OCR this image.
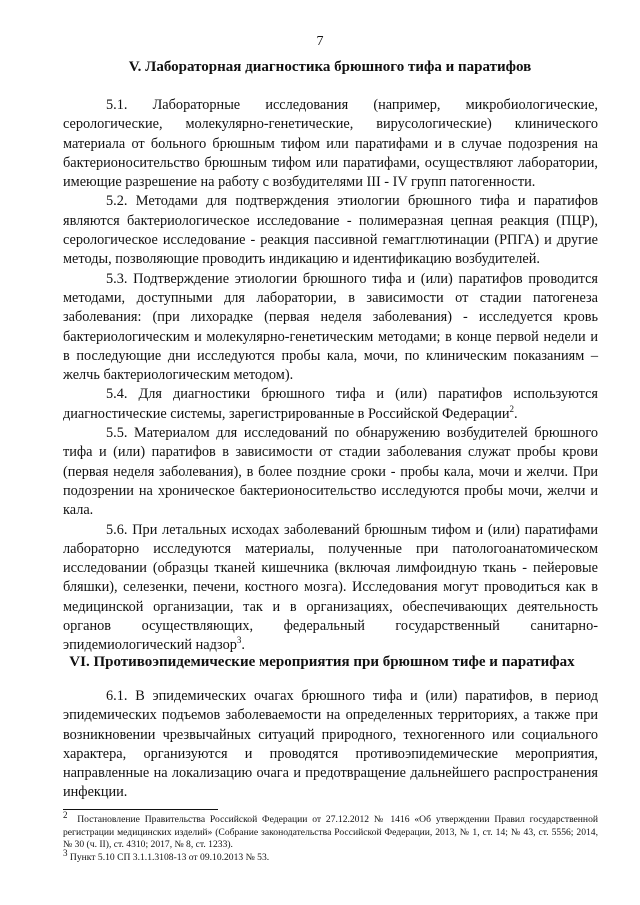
7
V. Лабораторная диагностика брюшного тифа и паратифов

5.1. Лабораторные исследования (например, микробиологические, серологические, молекулярно-генетические, вирусологические) клинического материала от больного брюшным тифом или паратифами и в случае подозрения на бактерионосительство брюшным тифом или паратифами, осуществляют лаборатории, имеющие разрешение на работу с возбудителями III - IV групп патогенности.

5.2. Методами для подтверждения этиологии брюшного тифа и паратифов являются бактериологическое исследование - полимеразная цепная реакция (ПЦР), серологическое исследование - реакция пассивной гемагглютинации (РПГА) и другие методы, позволяющие проводить индикацию и идентификацию возбудителей.

5.3. Подтверждение этиологии брюшного тифа и (или) паратифов проводится методами, доступными для лаборатории, в зависимости от стадии патогенеза заболевания: (при лихорадке (первая неделя заболевания) - исследуется кровь бактериологическим и молекулярно-генетическим методами; в конце первой недели и в последующие дни исследуются пробы кала, мочи, по клиническим показаниям – желчь бактериологическим методом).

5.4. Для диагностики брюшного тифа и (или) паратифов используются диагностические системы, зарегистрированные в Российской Федерации$^2$.

5.5. Материалом для исследований по обнаружению возбудителей брюшного тифа и (или) паратифов в зависимости от стадии заболевания служат пробы крови (первая неделя заболевания), в более поздние сроки - пробы кала, мочи и желчи. При подозрении на хроническое бактерионосительство исследуются пробы мочи, желчи и кала.

5.6. При летальных исходах заболеваний брюшным тифом и (или) паратифами лабораторно исследуются материалы, полученные при патологоанатомическом исследовании (образцы тканей кишечника (включая лимфоидную ткань - пейеровые бляшки), селезенки, печени, костного мозга). Исследования могут проводиться как в медицинской организации, так и в организациях, обеспечивающих деятельность органов осуществляющих, федеральный государственный санитарно-эпидемиологический надзор$^3$.

VI. Противоэпидемические мероприятия при брюшном тифе и паратифах

6.1. В эпидемических очагах брюшного тифа и (или) паратифов, в период эпидемических подъемов заболеваемости на определенных территориях, а также при возникновении чрезвычайных ситуаций природного, техногенного или социального характера, организуются и проводятся противоэпидемические мероприятия, направленные на локализацию очага и предотвращение дальнейшего распространения инфекции.

$^2$ Постановление Правительства Российской Федерации от 27.12.2012 № 1416 «Об утверждении Правил государственной регистрации медицинских изделий» (Собрание законодательства Российской Федерации, 2013, № 1, ст. 14; № 43, ст. 5556; 2014, № 30 (ч. II), ст. 4310; 2017, № 8, ст. 1233).

$^3$ Пункт 5.10 СП 3.1.1.3108-13 от 09.10.2013 № 53.
